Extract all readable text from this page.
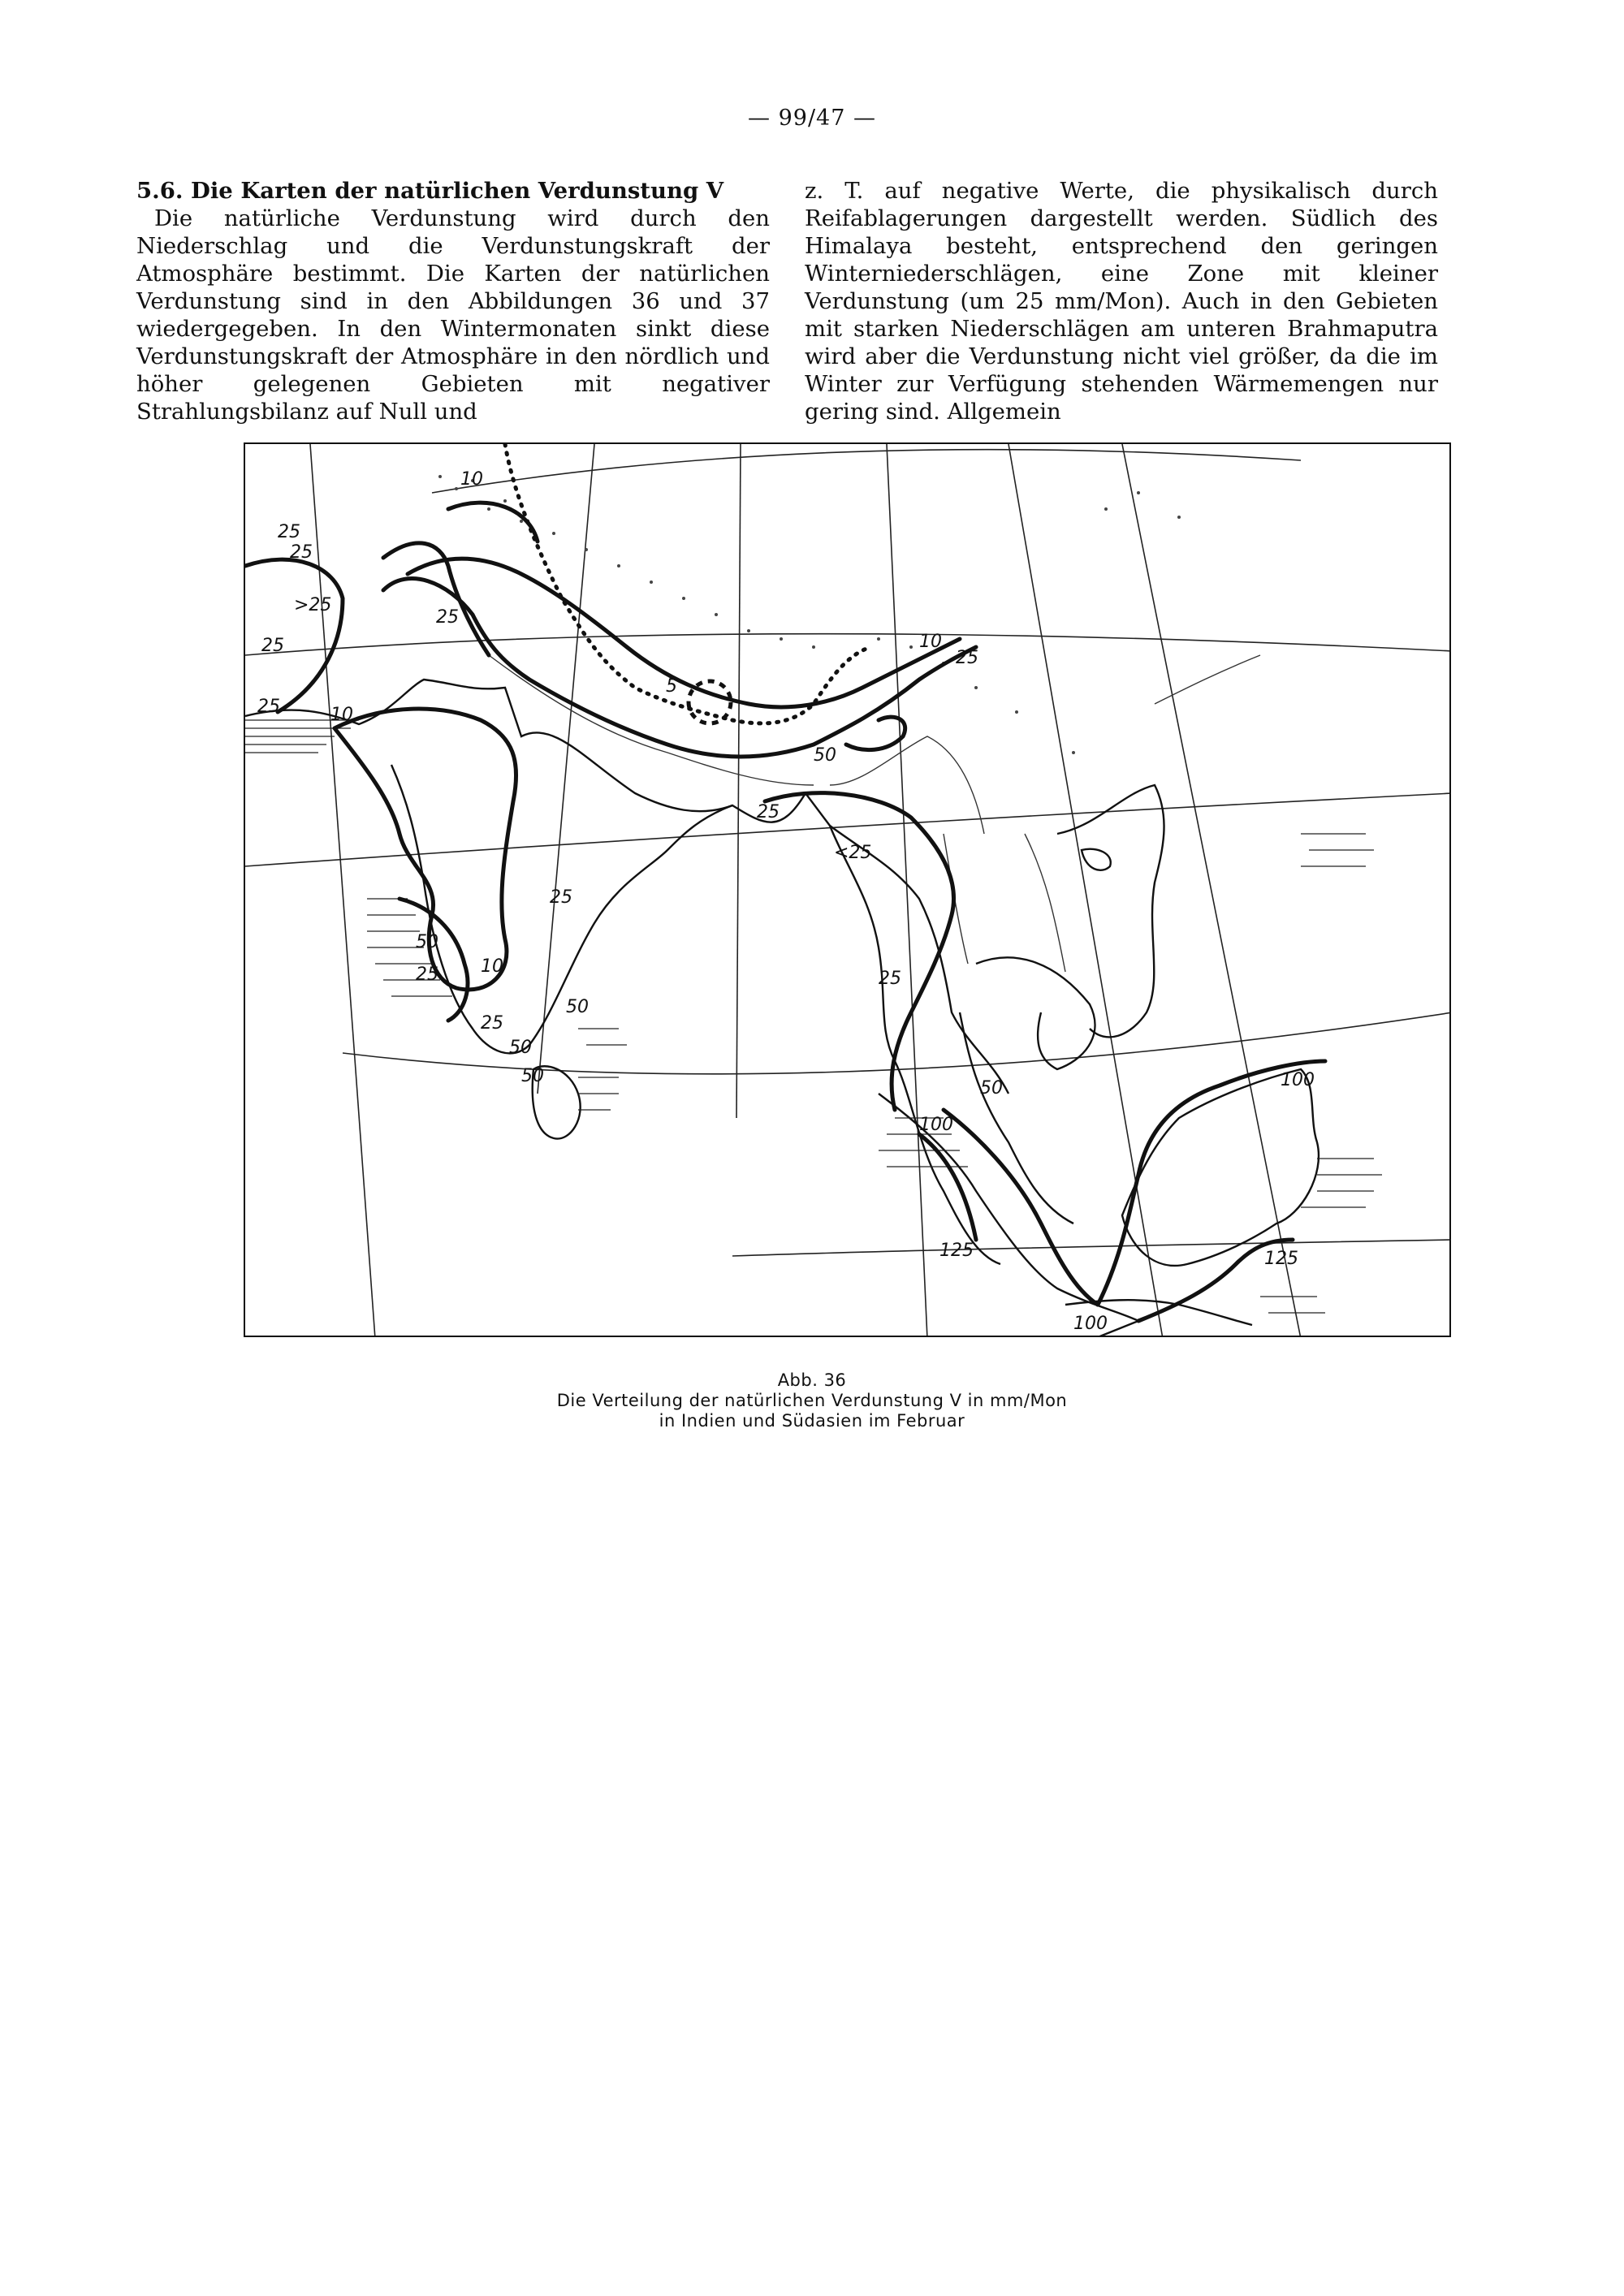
— 99/47 —
5.6. Die Karten der natürlichen Verdunstung V

Die natürliche Verdunstung wird durch den Niederschlag und die Verdunstungskraft der Atmosphäre bestimmt. Die Karten der natürlichen Verdunstung sind in den Abbildungen 36 und 37 wiedergegeben. In den Wintermonaten sinkt diese Verdunstungskraft der Atmosphäre in den nördlich und höher gelegenen Gebieten mit negativer Strahlungsbilanz auf Null und

z. T. auf negative Werte, die physikalisch durch Reifablagerungen dargestellt werden. Südlich des Himalaya besteht, entsprechend den geringen Winterniederschlägen, eine Zone mit kleiner Verdunstung (um 25 mm/Mon). Auch in den Gebieten mit starken Niederschlägen am unteren Brahmaputra wird aber die Verdunstung nicht viel größer, da die im Winter zur Verfügung stehenden Wärmemengen nur gering sind. Allgemein

10
25
25
>25
25
25	10
25
5
10
25
50
25
<25
25
50
25 10
25
50
50
50
25
50
100
100
125	125
100
Abb. 36
Die Verteilung der natürlichen Verdunstung V in mm/Mon
in Indien und Südasien im Februar
